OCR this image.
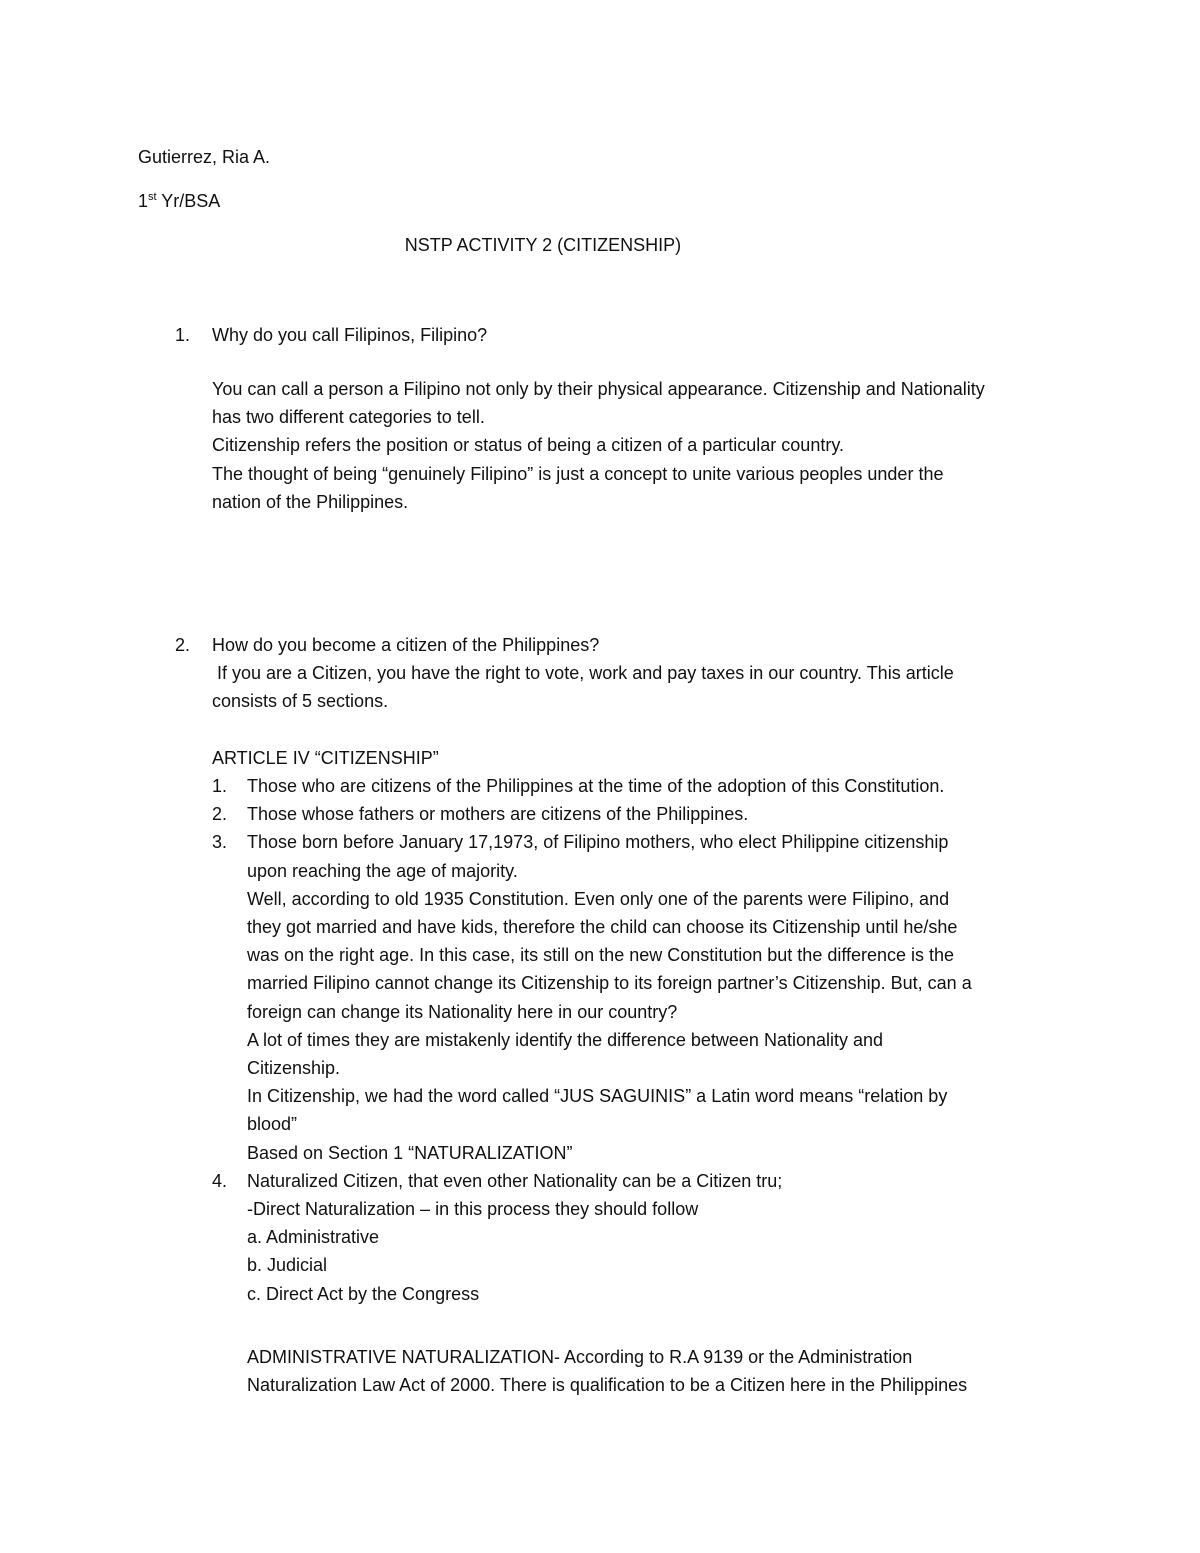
Gutierrez, Ria A.
1st Yr/BSA
NSTP ACTIVITY 2 (CITIZENSHIP)
1. Why do you call Filipinos, Filipino?

You can call a person a Filipino not only by their physical appearance. Citizenship and Nationality

has two different categories to tell.

Citizenship refers the position or status of being a citizen of a particular country.

The thought of being “genuinely Filipino” is just a concept to unite various peoples under the

nation of the Philippines.

2. How do you become a citizen of the Philippines?

If you are a Citizen, you have the right to vote, work and pay taxes in our country. This article

consists of 5 sections.

ARTICLE IV “CITIZENSHIP”
1. Those who are citizens of the Philippines at the time of the adoption of this Constitution.

2. Those whose fathers or mothers are citizens of the Philippines.

3. Those born before January 17,1973, of Filipino mothers, who elect Philippine citizenship

upon reaching the age of majority.

Well, according to old 1935 Constitution. Even only one of the parents were Filipino, and

they got married and have kids, therefore the child can choose its Citizenship until he/she

was on the right age. In this case, its still on the new Constitution but the difference is the

married Filipino cannot change its Citizenship to its foreign partner’s Citizenship. But, can a

foreign can change its Nationality here in our country?

A lot of times they are mistakenly identify the difference between Nationality and

Citizenship.

In Citizenship, we had the word called “JUS SAGUINIS” a Latin word means “relation by

blood”

Based on Section 1 “NATURALIZATION”

4. Naturalized Citizen, that even other Nationality can be a Citizen tru;

-Direct Naturalization – in this process they should follow

a. Administrative

b. Judicial

c. Direct Act by the Congress

ADMINISTRATIVE NATURALIZATION- According to R.A 9139 or the Administration

Naturalization Law Act of 2000. There is qualification to be a Citizen here in the Philippines
